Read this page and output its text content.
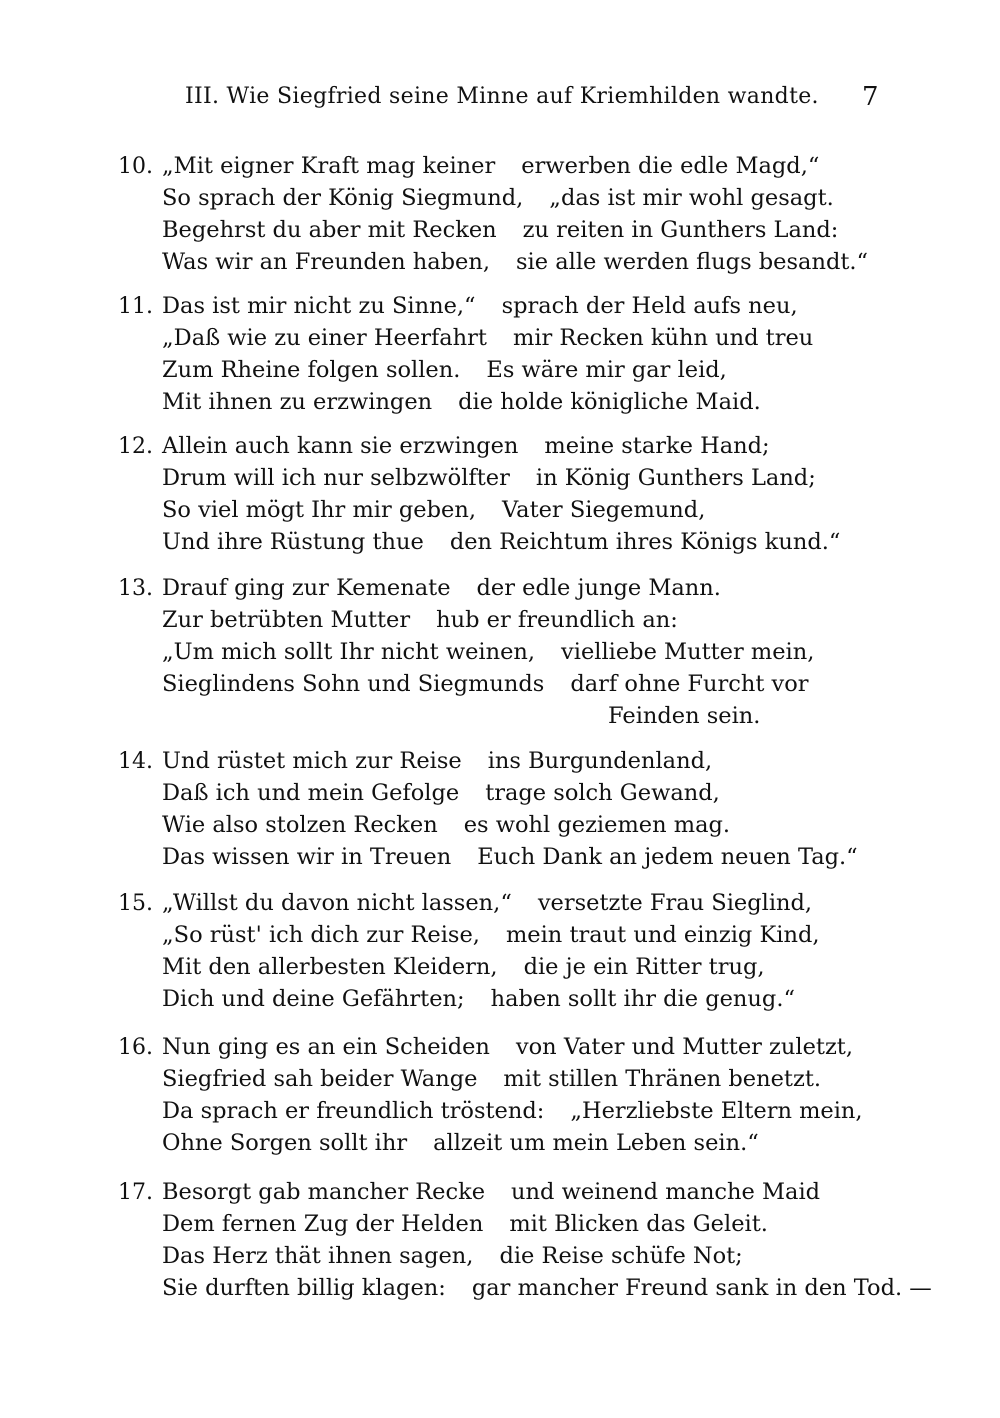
III. Wie Siegfried seine Minne auf Kriemhilden wandte.	7
10. „Mit eigner Kraft mag keiner erwerben die edle Magd,“
So sprach der König Siegmund, „das ist mir wohl gesagt.
Begehrst du aber mit Recken zu reiten in Gunthers Land:
Was wir an Freunden haben, sie alle werden flugs besandt.“
11. Das ist mir nicht zu Sinne,“ sprach der Held aufs neu,
„Daß wie zu einer Heerfahrt mir Recken kühn und treu
Zum Rheine folgen sollen. Es wäre mir gar leid,
Mit ihnen zu erzwingen die holde königliche Maid.
12. Allein auch kann sie erzwingen meine starke Hand;
Drum will ich nur selbzwölfter in König Gunthers Land;
So viel mögt Ihr mir geben, Vater Siegemund,
Und ihre Rüstung thue den Reichtum ihres Königs kund.“
13. Drauf ging zur Kemenate der edle junge Mann.
Zur betrübten Mutter hub er freundlich an:
„Um mich sollt Ihr nicht weinen, vielliebe Mutter mein,
Sieglindens Sohn und Siegmunds darf ohne Furcht vor
Feinden sein.
14. Und rüstet mich zur Reise ins Burgundenland,
Daß ich und mein Gefolge trage solch Gewand,
Wie also stolzen Recken es wohl geziemen mag.
Das wissen wir in Treuen Euch Dank an jedem neuen Tag.“
15. „Willst du davon nicht lassen,“ versetzte Frau Sieglind,
„So rüst' ich dich zur Reise, mein traut und einzig Kind,
Mit den allerbesten Kleidern, die je ein Ritter trug,
Dich und deine Gefährten; haben sollt ihr die genug.“
16. Nun ging es an ein Scheiden von Vater und Mutter zuletzt,
Siegfried sah beider Wange mit stillen Thränen benetzt.
Da sprach er freundlich tröstend: „Herzliebste Eltern mein,
Ohne Sorgen sollt ihr allzeit um mein Leben sein.“
17. Besorgt gab mancher Recke und weinend manche Maid
Dem fernen Zug der Helden mit Blicken das Geleit.
Das Herz thät ihnen sagen, die Reise schüfe Not;
Sie durften billig klagen: gar mancher Freund sank in den Tod. —
